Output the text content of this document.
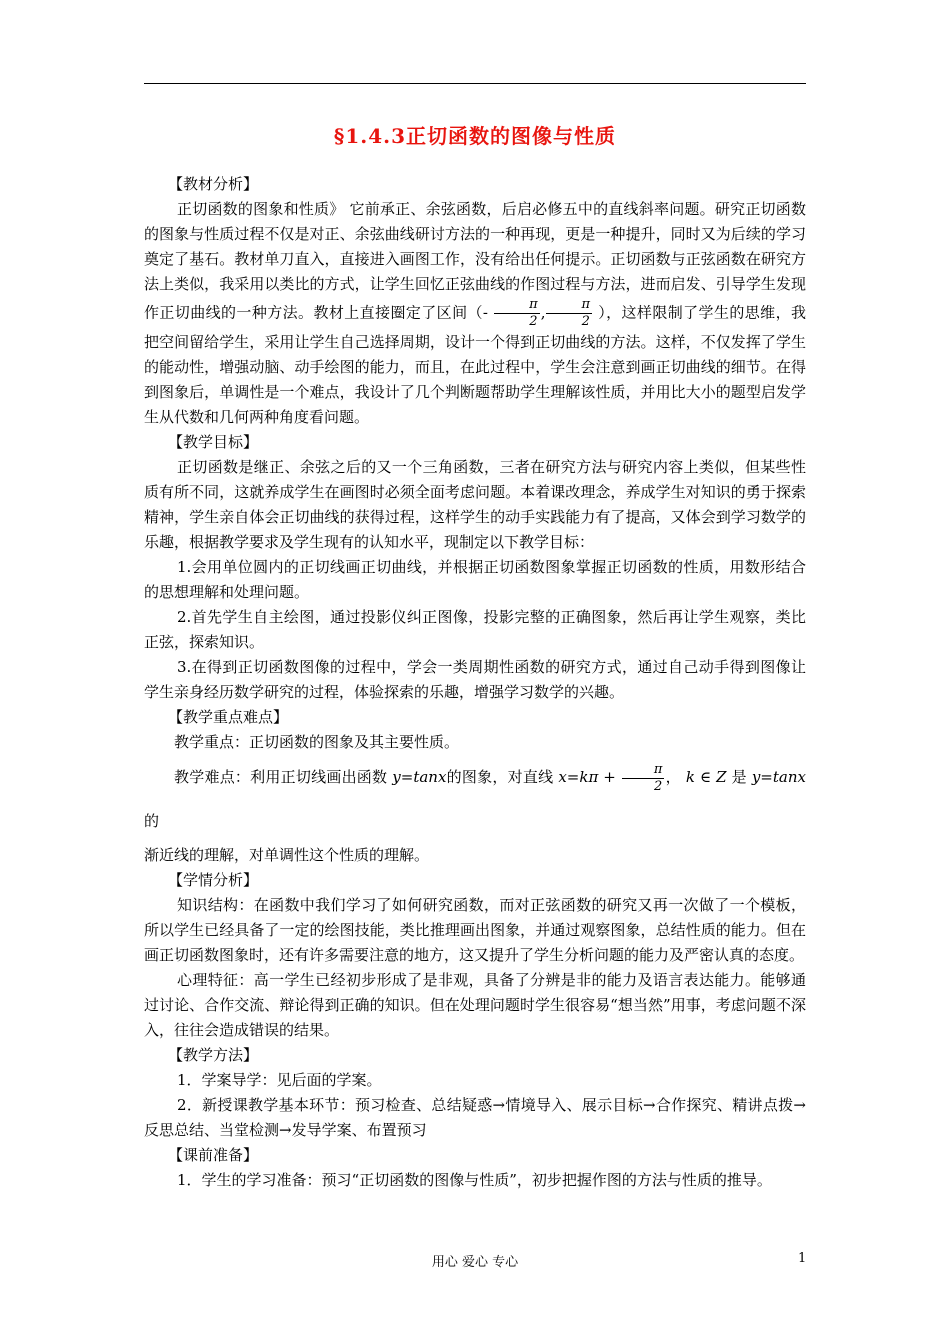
§1.4.3正切函数的图像与性质

【教材分析】

正切函数的图象和性质》 它前承正、余弦函数，后启必修五中的直线斜率问题。研究正切函数的图象与性质过程不仅是对正、余弦曲线研讨方法的一种再现，更是一种提升，同时又为后续的学习奠定了基石。教材单刀直入，直接进入画图工作，没有给出任何提示。正切函数与正弦函数在研究方法上类似，我采用以类比的方式，让学生回忆正弦曲线的作图过程与方法，进而启发、引导学生发现作正切曲线的一种方法。教材上直接圈定了区间（- $\frac{\pi}{2}$ , $\frac{\pi}{2}$ ），这样限制了学生的思维，我把空间留给学生，采用让学生自己选择周期，设计一个得到正切曲线的方法。这样，不仅发挥了学生的能动性，增强动脑、动手绘图的能力，而且，在此过程中，学生会注意到画正切曲线的细节。在得到图象后，单调性是一个难点，我设计了几个判断题帮助学生理解该性质，并用比大小的题型启发学生从代数和几何两种角度看问题。

【教学目标】

正切函数是继正、余弦之后的又一个三角函数，三者在研究方法与研究内容上类似，但某些性质有所不同，这就养成学生在画图时必须全面考虑问题。本着课改理念，养成学生对知识的勇于探索精神，学生亲自体会正切曲线的获得过程，这样学生的动手实践能力有了提高，又体会到学习数学的乐趣，根据教学要求及学生现有的认知水平，现制定以下教学目标：

1.会用单位圆内的正切线画正切曲线，并根据正切函数图象掌握正切函数的性质，用数形结合的思想理解和处理问题。

2.首先学生自主绘图，通过投影仪纠正图像，投影完整的正确图象，然后再让学生观察，类比正弦，探索知识。

3.在得到正切函数图像的过程中，学会一类周期性函数的研究方式，通过自己动手得到图像让学生亲身经历数学研究的过程，体验探索的乐趣，增强学习数学的兴趣。

【教学重点难点】

教学重点：正切函数的图象及其主要性质。

教学难点：利用正切线画出函数 y=tanx的图象，对直线 $x=k\pi + \frac{\pi}{2}$ ， k ∈ Z 是 y=tanx的

渐近线的理解，对单调性这个性质的理解。

【学情分析】

知识结构：在函数中我们学习了如何研究函数，而对正弦函数的研究又再一次做了一个模板，所以学生已经具备了一定的绘图技能，类比推理画出图象，并通过观察图象，总结性质的能力。但在画正切函数图象时，还有许多需要注意的地方，这又提升了学生分析问题的能力及严密认真的态度。

心理特征：高一学生已经初步形成了是非观，具备了分辨是非的能力及语言表达能力。能够通过讨论、合作交流、辩论得到正确的知识。但在处理问题时学生很容易“想当然”用事，考虑问题不深入，往往会造成错误的结果。

【教学方法】

1．学案导学：见后面的学案。

2．新授课教学基本环节：预习检查、总结疑惑→情境导入、展示目标→合作探究、精讲点拨→反思总结、当堂检测→发导学案、布置预习

【课前准备】

1．学生的学习准备：预习“正切函数的图像与性质”，初步把握作图的方法与性质的推导。

用心 爱心 专心	1
